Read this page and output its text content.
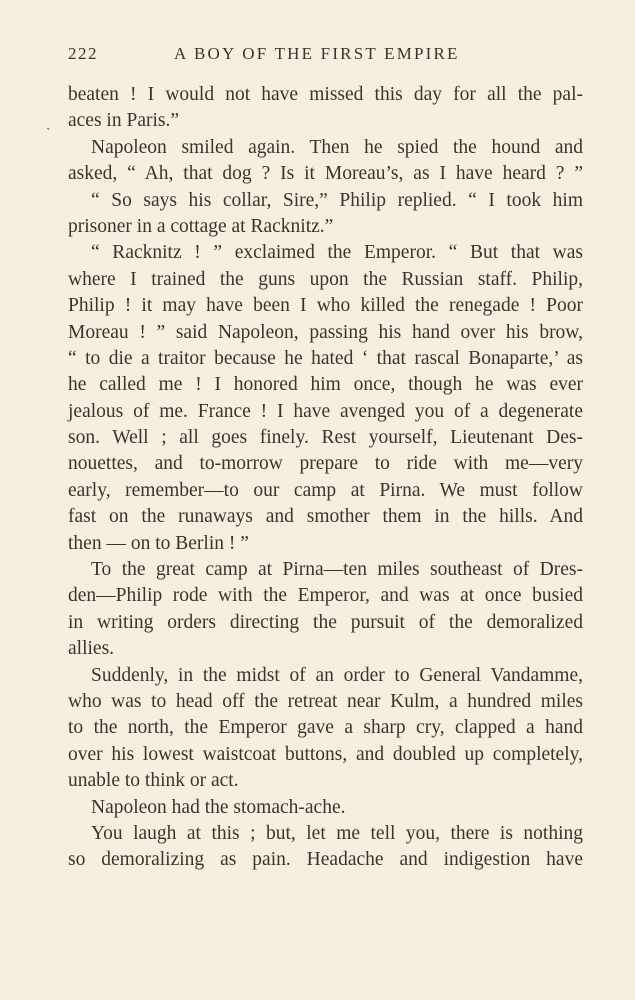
222	A BOY OF THE FIRST EMPIRE
ˎ
beaten ! I would not have missed this day for all the pal-
aces in Paris.”
Napoleon smiled again. Then he spied the hound and
asked, “ Ah, that dog ? Is it Moreau’s, as I have heard ? ”
“ So says his collar, Sire,” Philip replied. “ I took him
prisoner in a cottage at Racknitz.”
“ Racknitz ! ” exclaimed the Emperor. “ But that was
where I trained the guns upon the Russian staff. Philip,
Philip ! it may have been I who killed the renegade ! Poor
Moreau ! ” said Napoleon, passing his hand over his brow,
“ to die a traitor because he hated ‘ that rascal Bonaparte,’ as
he called me ! I honored him once, though he was ever
jealous of me. France ! I have avenged you of a degenerate
son. Well ; all goes finely. Rest yourself, Lieutenant Des-
nouettes, and to-morrow prepare to ride with me—very
early, remember—to our camp at Pirna. We must follow
fast on the runaways and smother them in the hills. And
then — on to Berlin ! ”
To the great camp at Pirna—ten miles southeast of Dres-
den—Philip rode with the Emperor, and was at once busied
in writing orders directing the pursuit of the demoralized
allies.
Suddenly, in the midst of an order to General Vandamme,
who was to head off the retreat near Kulm, a hundred miles
to the north, the Emperor gave a sharp cry, clapped a hand
over his lowest waistcoat buttons, and doubled up completely,
unable to think or act.
Napoleon had the stomach-ache.
You laugh at this ; but, let me tell you, there is nothing
so demoralizing as pain. Headache and indigestion have
